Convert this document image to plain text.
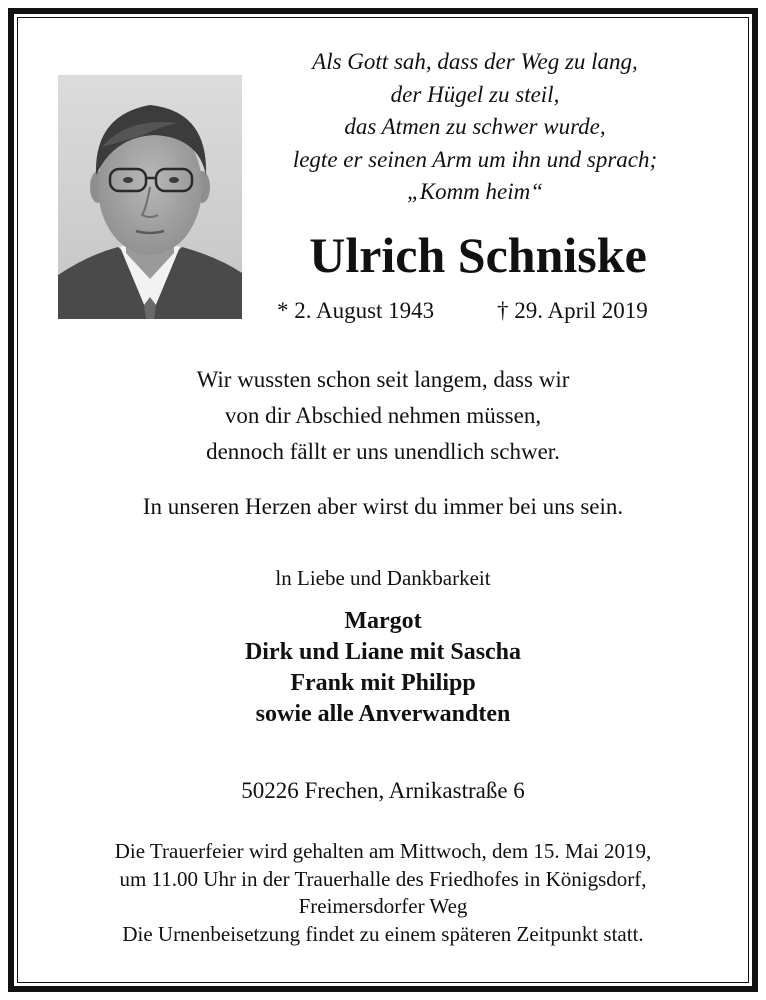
Als Gott sah, dass der Weg zu lang,
der Hügel zu steil,
das Atmen zu schwer wurde,
legte er seinen Arm um ihn und sprach;
„Komm heim“
Ulrich Schniske
* 2. August 1943	† 29. April 2019
Wir wussten schon seit langem, dass wir
von dir Abschied nehmen müssen,
dennoch fällt er uns unendlich schwer.
In unseren Herzen aber wirst du immer bei uns sein.
ln Liebe und Dankbarkeit
Margot
Dirk und Liane mit Sascha
Frank mit Philipp
sowie alle Anverwandten
50226 Frechen, Arnikastraße 6
Die Trauerfeier wird gehalten am Mittwoch, dem 15. Mai 2019,
um 11.00 Uhr in der Trauerhalle des Friedhofes in Königsdorf,
Freimersdorfer Weg
Die Urnenbeisetzung findet zu einem späteren Zeitpunkt statt.
